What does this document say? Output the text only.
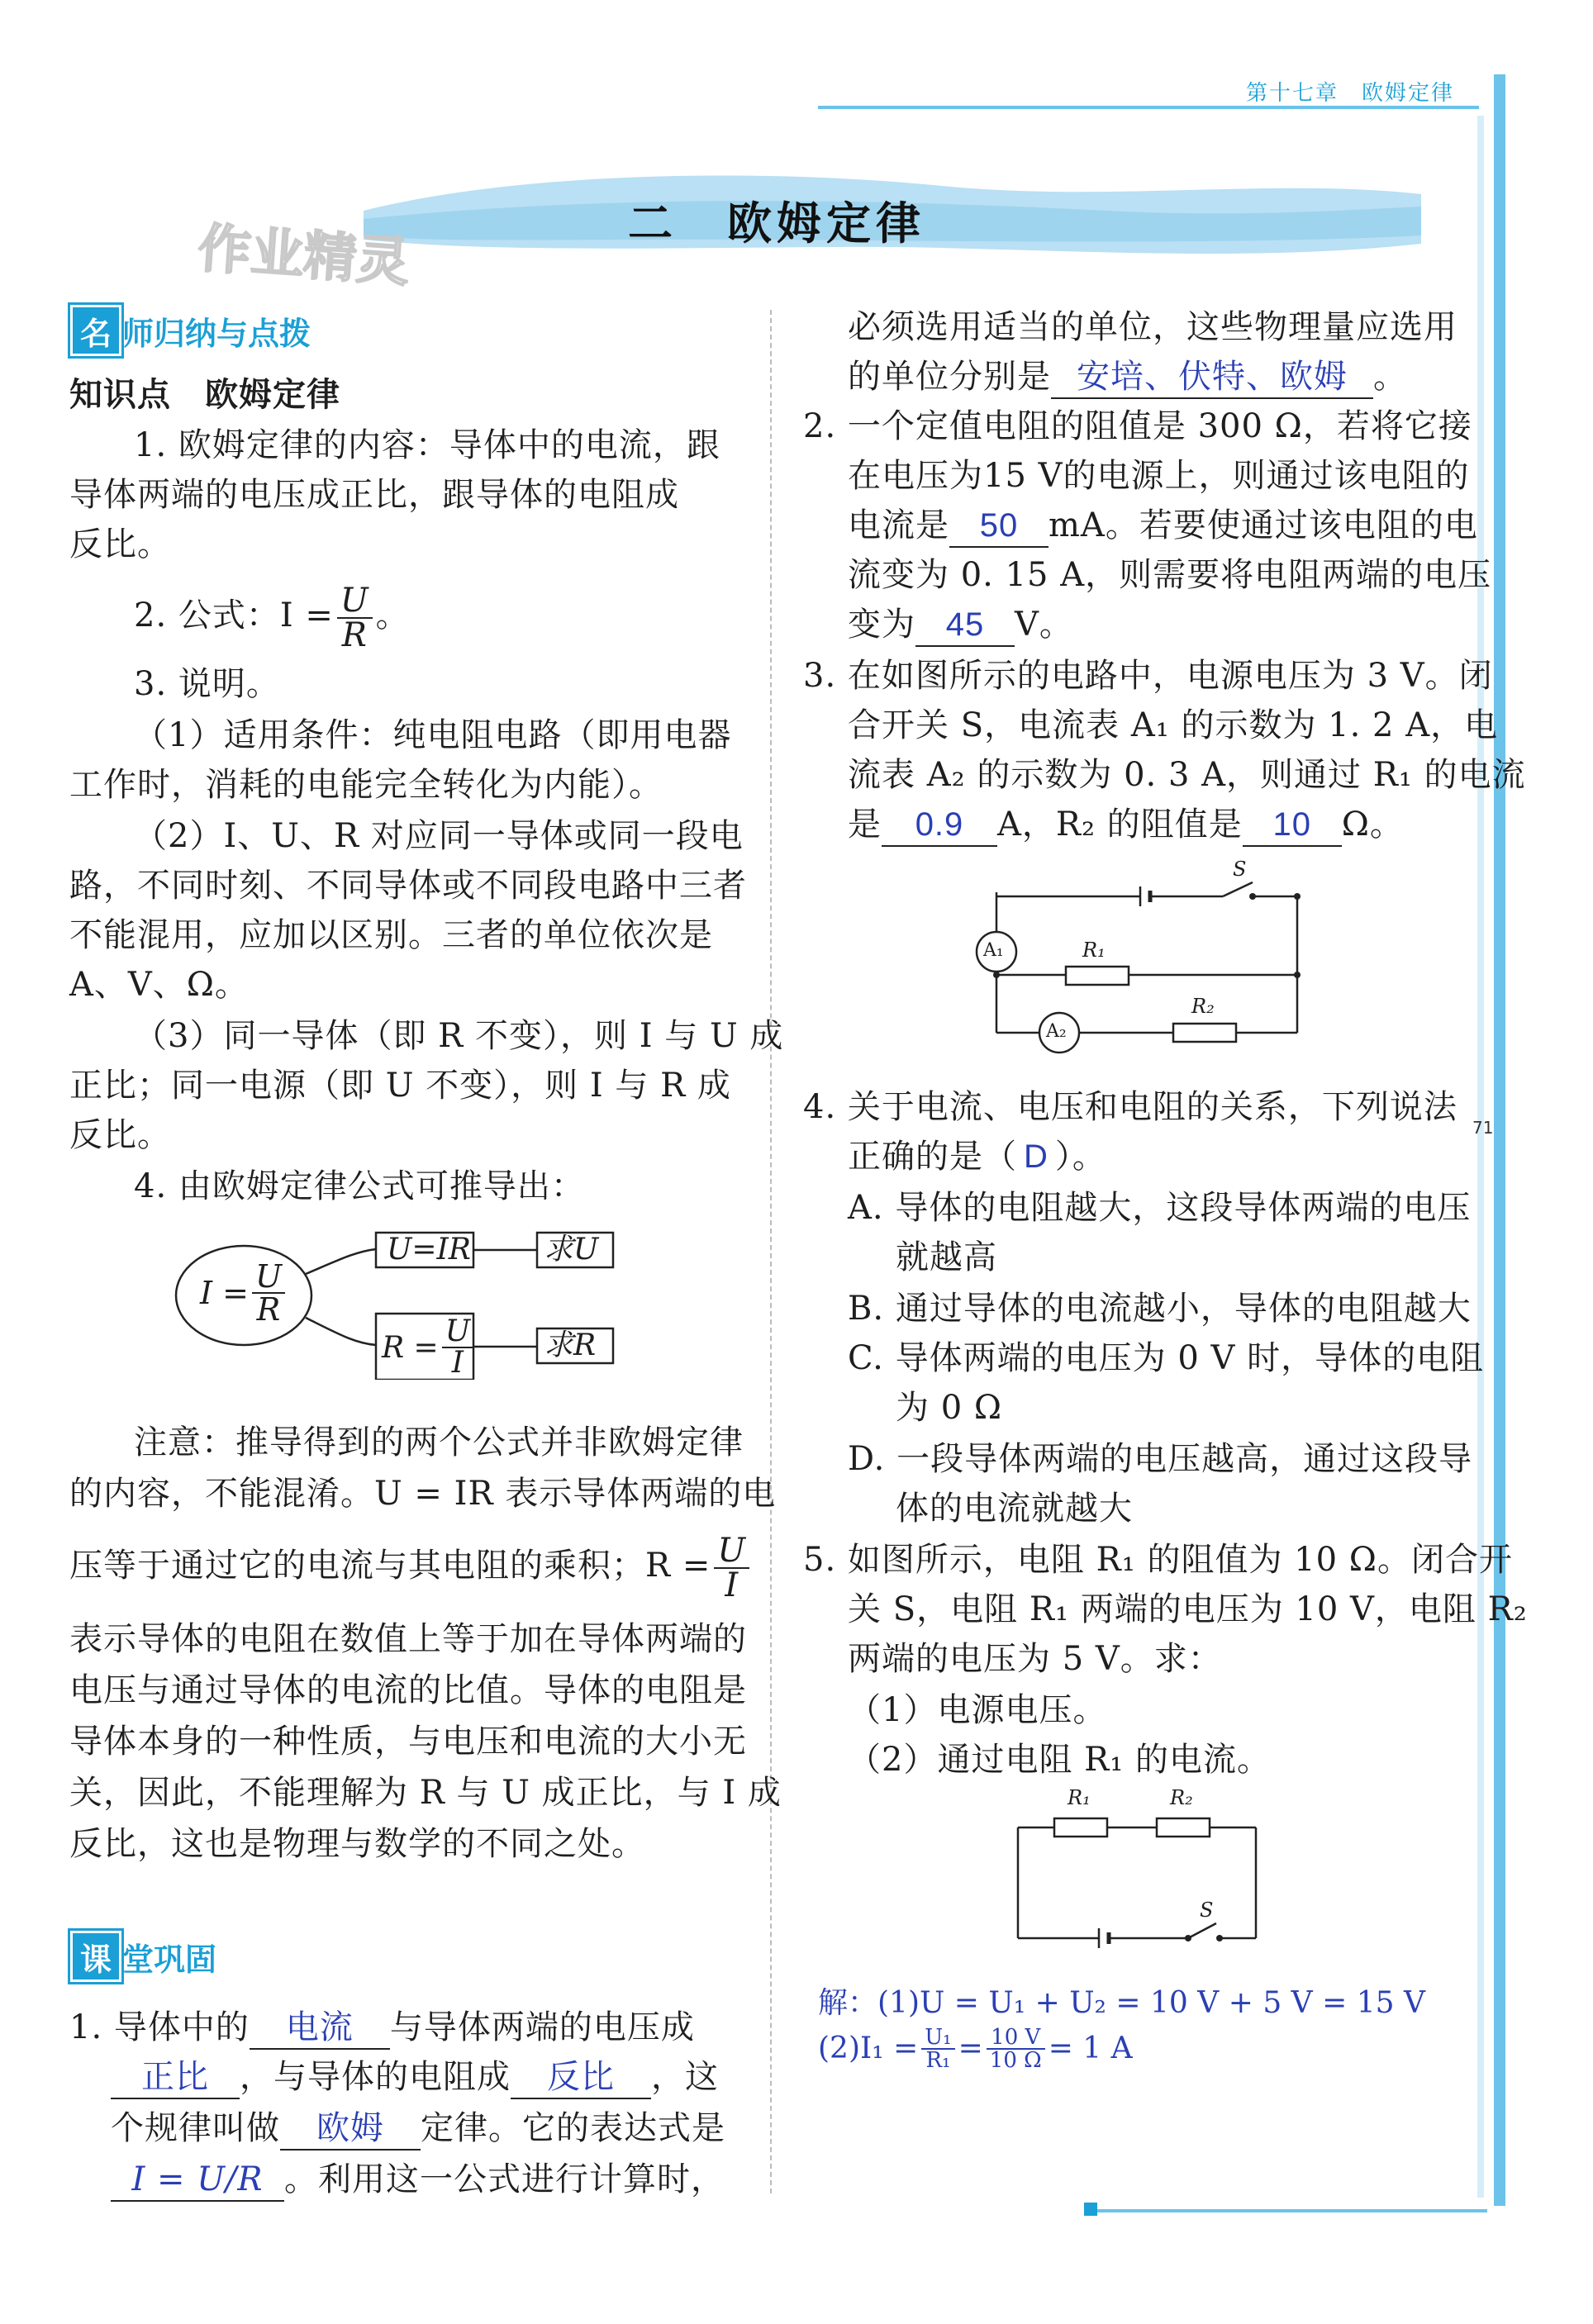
第十七章　 欧姆定律
71
二　 欧姆定律
作业精灵
名 师归纳与点拨
知识点　欧姆定律
1. 欧姆定律的内容：导体中的电流，跟
导体两端的电压成正比，跟导体的电阻成
反比。
2. 公式：$I = \frac{U}{R}$ 。
3. 说明。
（1）适用条件：纯电阻电路（即用电器
工作时，消耗的电能完全转化为内能）。
（2）I、U、R 对应同一导体或同一段电
路，不同时刻、不同导体或不同段电路中三者
不能混用，应加以区别。三者的单位依次是
A、V、Ω。
（3）同一导体（即 R 不变），则 I 与 U 成
正比；同一电源（即 U 不变），则 I 与 R 成
反比。
4. 由欧姆定律公式可推导出：
$I = \frac{U}{R}$
U=IR 求U
$R = \frac{U}{I}$ 求R
注意：推导得到的两个公式并非欧姆定律
的内容，不能混淆。U = IR 表示导体两端的电
压等于通过它的电流与其电阻的乘积；$R = \frac{U}{I}$
表示导体的电阻在数值上等于加在导体两端的
电压与通过导体的电流的比值。导体的电阻是
导体本身的一种性质，与电压和电流的大小无
关，因此，不能理解为 R 与 U 成正比，与 I 成
反比，这也是物理与数学的不同之处。
课 堂巩固
1. 导体中的 电流 与导体两端的电压成
正比 ，与导体的电阻成 反比 ，这
个规律叫做 欧姆 定律。它的表达式是
I = U/R 。利用这一公式进行计算时，
必须选用适当的单位，这些物理量应选用
的单位分别是 安培、伏特、欧姆 。
2. 一个定值电阻的阻值是 300 Ω，若将它接
在电压为15 V的电源上，则通过该电阻的
电流是 50 mA。若要使通过该电阻的电
流变为 0. 15 A，则需要将电阻两端的电压
变为 45 V。
3. 在如图所示的电路中，电源电压为 3 V。闭
合开关 S，电流表 A₁ 的示数为 1. 2 A，电
流表 A₂ 的示数为 0. 3 A，则通过 R₁ 的电流
是 0.9 A，R₂ 的阻值是 10 Ω。
S
A₁
A₂
R₁
R₂
4. 关于电流、电压和电阻的关系，下列说法
正确的是（ D ）。
A. 导体的电阻越大，这段导体两端的电压
就越高
B. 通过导体的电流越小，导体的电阻越大
C. 导体两端的电压为 0 V 时，导体的电阻
为 0 Ω
D. 一段导体两端的电压越高，通过这段导
体的电流就越大
5. 如图所示，电阻 R₁ 的阻值为 10 Ω。闭合开
关 S，电阻 R₁ 两端的电压为 10 V，电阻 R₂
两端的电压为 5 V。求：
（1）电源电压。
（2）通过电阻 R₁ 的电流。
R₁	R₂
S
解：(1)U = U₁ + U₂ = 10 V + 5 V = 15 V
$(2)I_1 = \frac{\text{U₁}}{\text{R₁}} = \frac{10 V}{10 \Omega} = 1$ A
